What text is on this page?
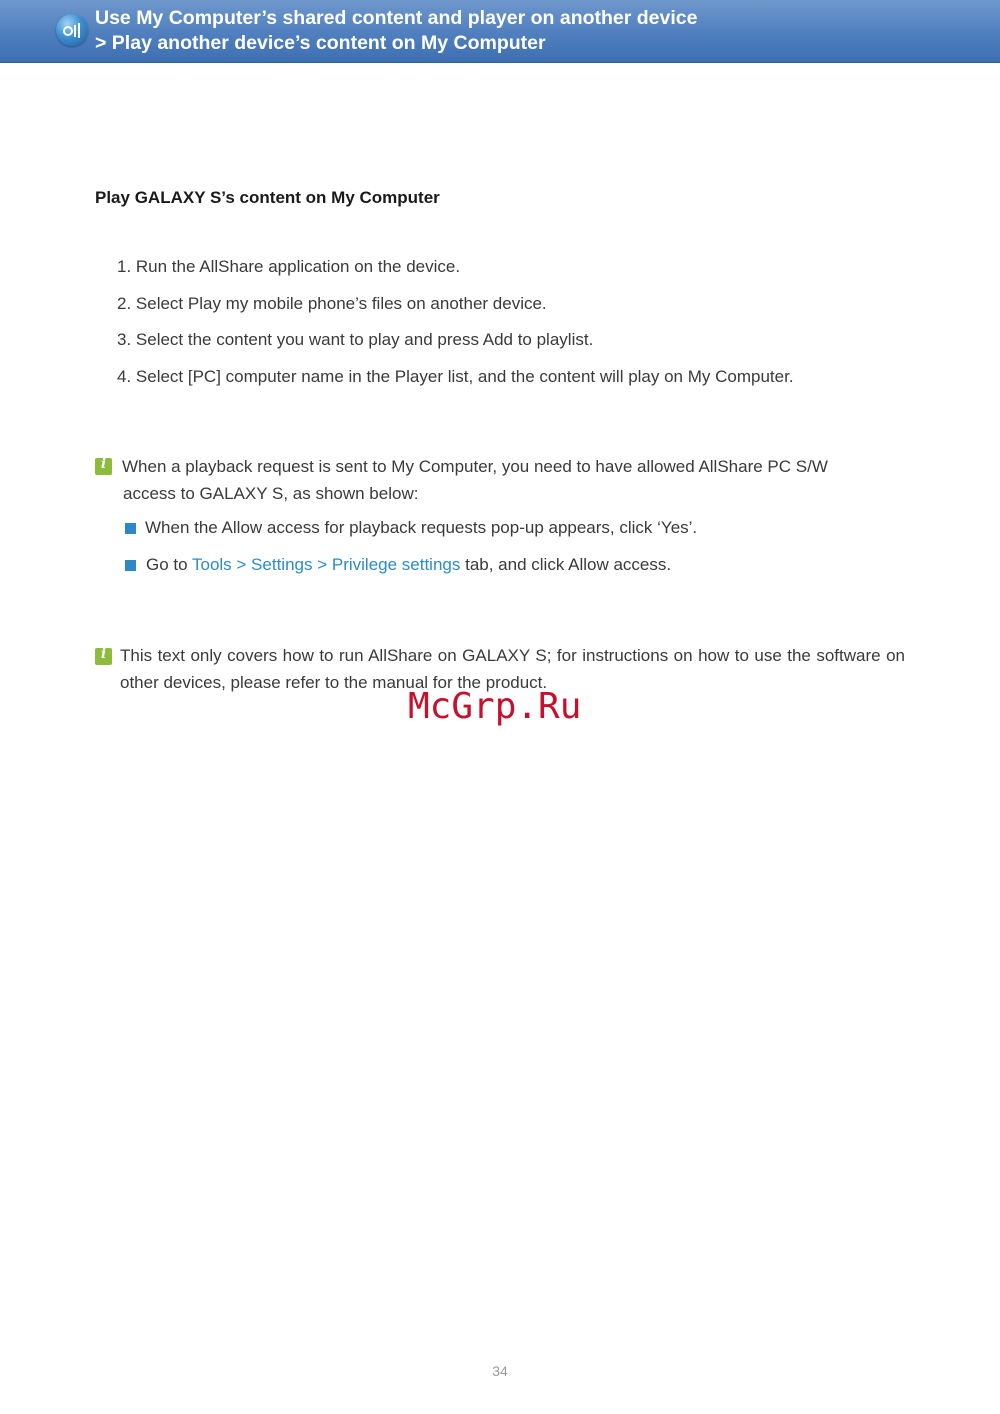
Use My Computer’s shared content and player on another device
> Play another device’s content on My Computer
Play GALAXY S’s content on My Computer
1. Run the AllShare application on the device.
2. Select Play my mobile phone’s files on another device.
3. Select the content you want to play and press Add to playlist.
4. Select [PC] computer name in the Player list, and the content will play on My Computer.
i When a playback request is sent to My Computer, you need to have allowed AllShare PC S/W
access to GALAXY S, as shown below:
When the Allow access for playback requests pop-up appears, click ‘Yes’.
Go to Tools > Settings > Privilege settings tab, and click Allow access.
i This text only covers how to run AllShare on GALAXY S; for instructions on how to use the software on other devices, please refer to the manual for the product.
McGrp.Ru
34
